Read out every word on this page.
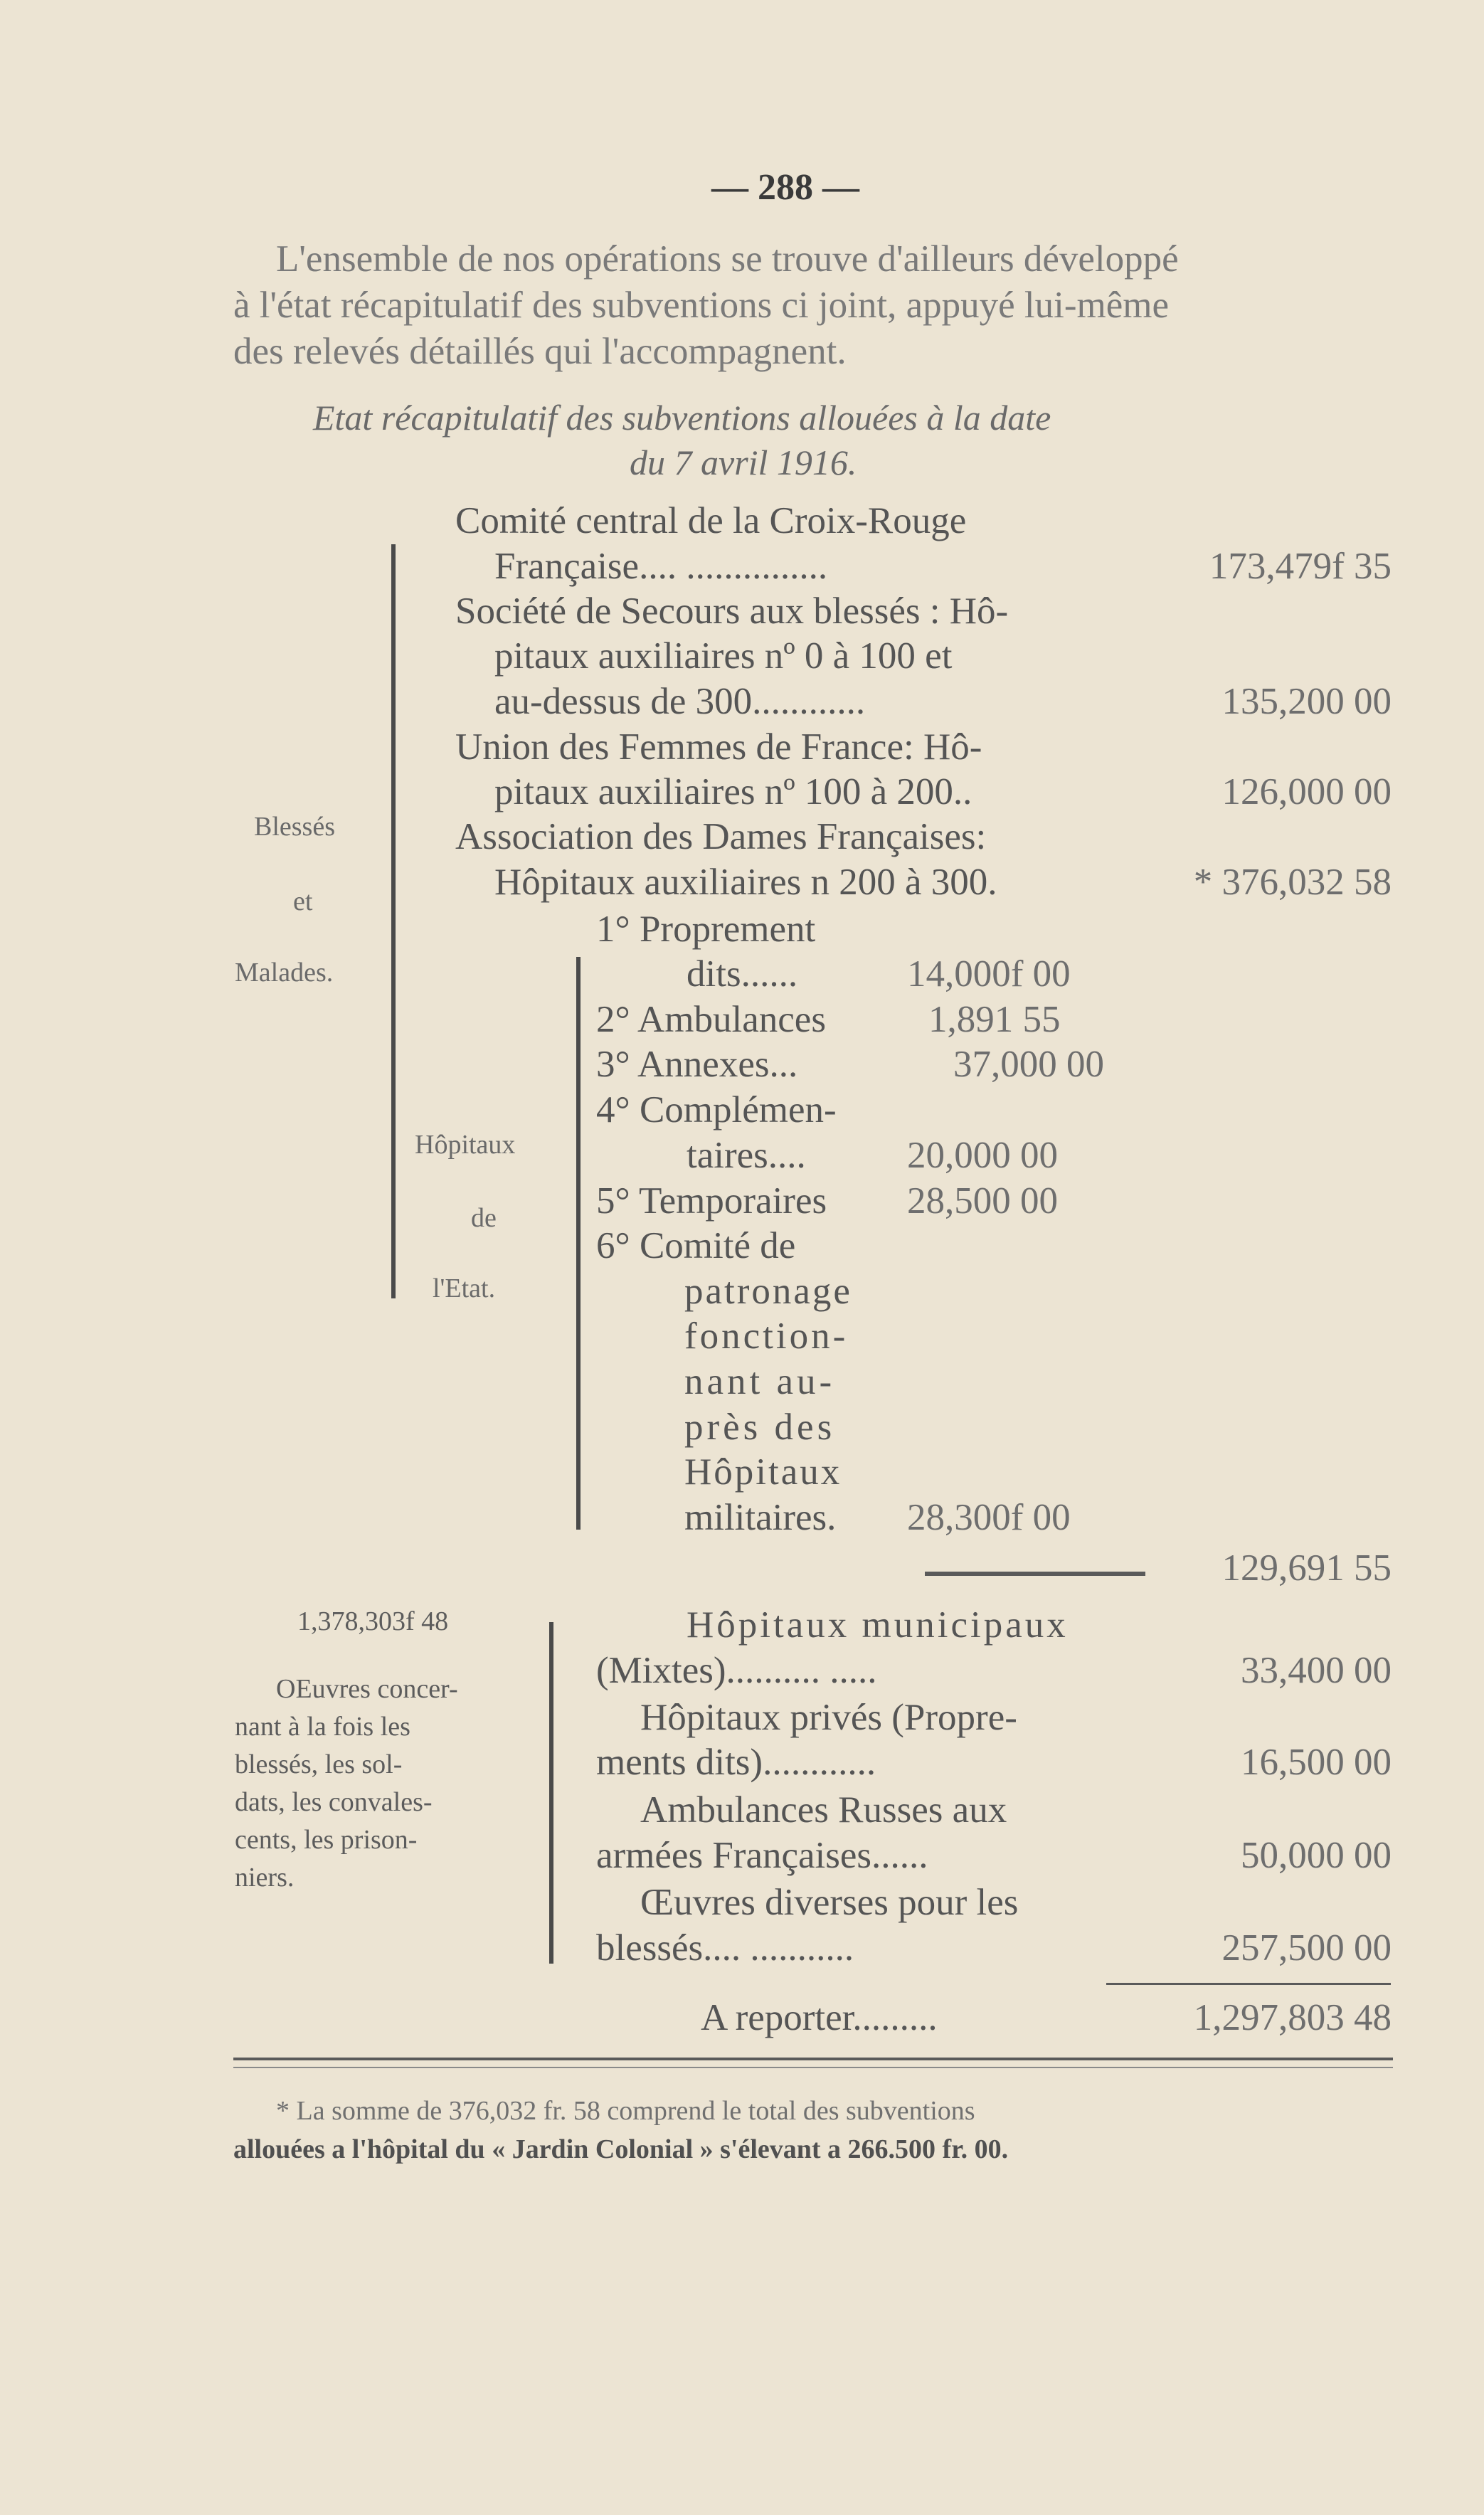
— 288 —
L'ensemble de nos opérations se trouve d'ailleurs développé
à l'état récapitulatif des subventions ci joint, appuyé lui-même
des relevés détaillés qui l'accompagnent.
Etat récapitulatif des subventions allouées à la date
du 7 avril 1916.
Blessés
et
Malades.
Comité central de la Croix-Rouge
Française.... ...............	173,479f 35
Société de Secours aux blessés : Hô-
pitaux auxiliaires nº 0 à 100 et
au-dessus de 300............	135,200 00
Union des Femmes de France: Hô-
pitaux auxiliaires nº 100 à 200..	126,000 00
Association des Dames Françaises:
Hôpitaux auxiliaires n 200 à 300.	* 376,032 58
Hôpitaux
de
l'Etat.
1° Proprement
dits......	14,000f 00
2° Ambulances	1,891 55
3° Annexes...	37,000 00
4° Complémen-
taires....	20,000 00
5° Temporaires 28,500 00
6° Comité de
patronage
fonction-
nant au-
près des
Hôpitaux
militaires. 28,300f 00
129,691 55
1,378,303f 48
OEuvres concer-
nant à la fois les
blessés, les sol-
dats, les convales-
cents, les prison-
niers.
Hôpitaux municipaux
(Mixtes).......... .....	33,400 00
Hôpitaux privés (Propre-
ments dits)............	16,500 00
Ambulances Russes aux
armées Françaises......	50,000 00
Œuvres diverses pour les
blessés.... ...........	257,500 00
A reporter.........	1,297,803 48
* La somme de 376,032 fr. 58 comprend le total des subventions
allouées a l'hôpital du « Jardin Colonial » s'élevant a 266.500 fr. 00.
